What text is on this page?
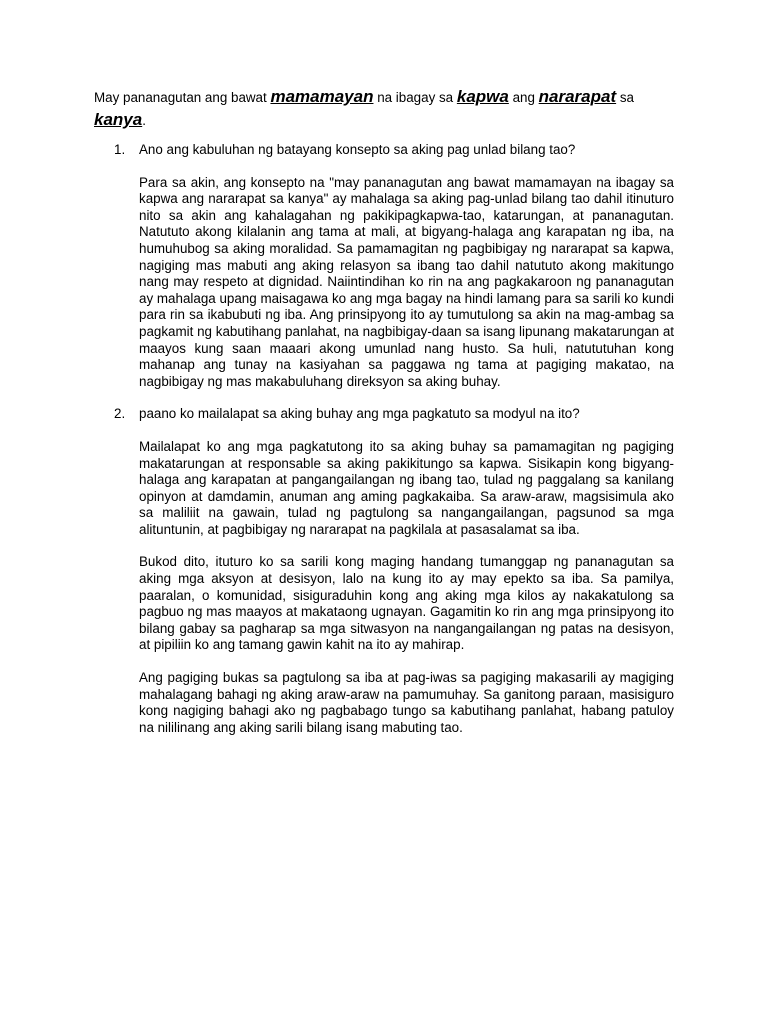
May pananagutan ang bawat mamamayan na ibagay sa kapwa ang nararapat sa kanya.

1. Ano ang kabuluhan ng batayang konsepto sa aking pag unlad bilang tao?

Para sa akin, ang konsepto na "may pananagutan ang bawat mamamayan na ibagay sa kapwa ang nararapat sa kanya" ay mahalaga sa aking pag-unlad bilang tao dahil itinuturo nito sa akin ang kahalagahan ng pakikipagkapwa-tao, katarungan, at pananagutan. Natututo akong kilalanin ang tama at mali, at bigyang-halaga ang karapatan ng iba, na humuhubog sa aking moralidad. Sa pamamagitan ng pagbibigay ng nararapat sa kapwa, nagiging mas mabuti ang aking relasyon sa ibang tao dahil natututo akong makitungo nang may respeto at dignidad. Naiintindihan ko rin na ang pagkakaroon ng pananagutan ay mahalaga upang maisagawa ko ang mga bagay na hindi lamang para sa sarili ko kundi para rin sa ikabubuti ng iba. Ang prinsipyong ito ay tumutulong sa akin na mag-ambag sa pagkamit ng kabutihang panlahat, na nagbibigay-daan sa isang lipunang makatarungan at maayos kung saan maaari akong umunlad nang husto. Sa huli, natututuhan kong mahanap ang tunay na kasiyahan sa paggawa ng tama at pagiging makatao, na nagbibigay ng mas makabuluhang direksyon sa aking buhay.

2. paano ko mailalapat sa aking buhay ang mga pagkatuto sa modyul na ito?

Mailalapat ko ang mga pagkatutong ito sa aking buhay sa pamamagitan ng pagiging makatarungan at responsable sa aking pakikitungo sa kapwa. Sisikapin kong bigyang-halaga ang karapatan at pangangailangan ng ibang tao, tulad ng paggalang sa kanilang opinyon at damdamin, anuman ang aming pagkakaiba. Sa araw-araw, magsisimula ako sa maliliit na gawain, tulad ng pagtulong sa nangangailangan, pagsunod sa mga alituntunin, at pagbibigay ng nararapat na pagkilala at pasasalamat sa iba.

Bukod dito, ituturo ko sa sarili kong maging handang tumanggap ng pananagutan sa aking mga aksyon at desisyon, lalo na kung ito ay may epekto sa iba. Sa pamilya, paaralan, o komunidad, sisiguraduhin kong ang aking mga kilos ay nakakatulong sa pagbuo ng mas maayos at makataong ugnayan. Gagamitin ko rin ang mga prinsipyong ito bilang gabay sa pagharap sa mga sitwasyon na nangangailangan ng patas na desisyon, at pipiliin ko ang tamang gawin kahit na ito ay mahirap.

Ang pagiging bukas sa pagtulong sa iba at pag-iwas sa pagiging makasarili ay magiging mahalagang bahagi ng aking araw-araw na pamumuhay. Sa ganitong paraan, masisiguro kong nagiging bahagi ako ng pagbabago tungo sa kabutihang panlahat, habang patuloy na nililinang ang aking sarili bilang isang mabuting tao.
